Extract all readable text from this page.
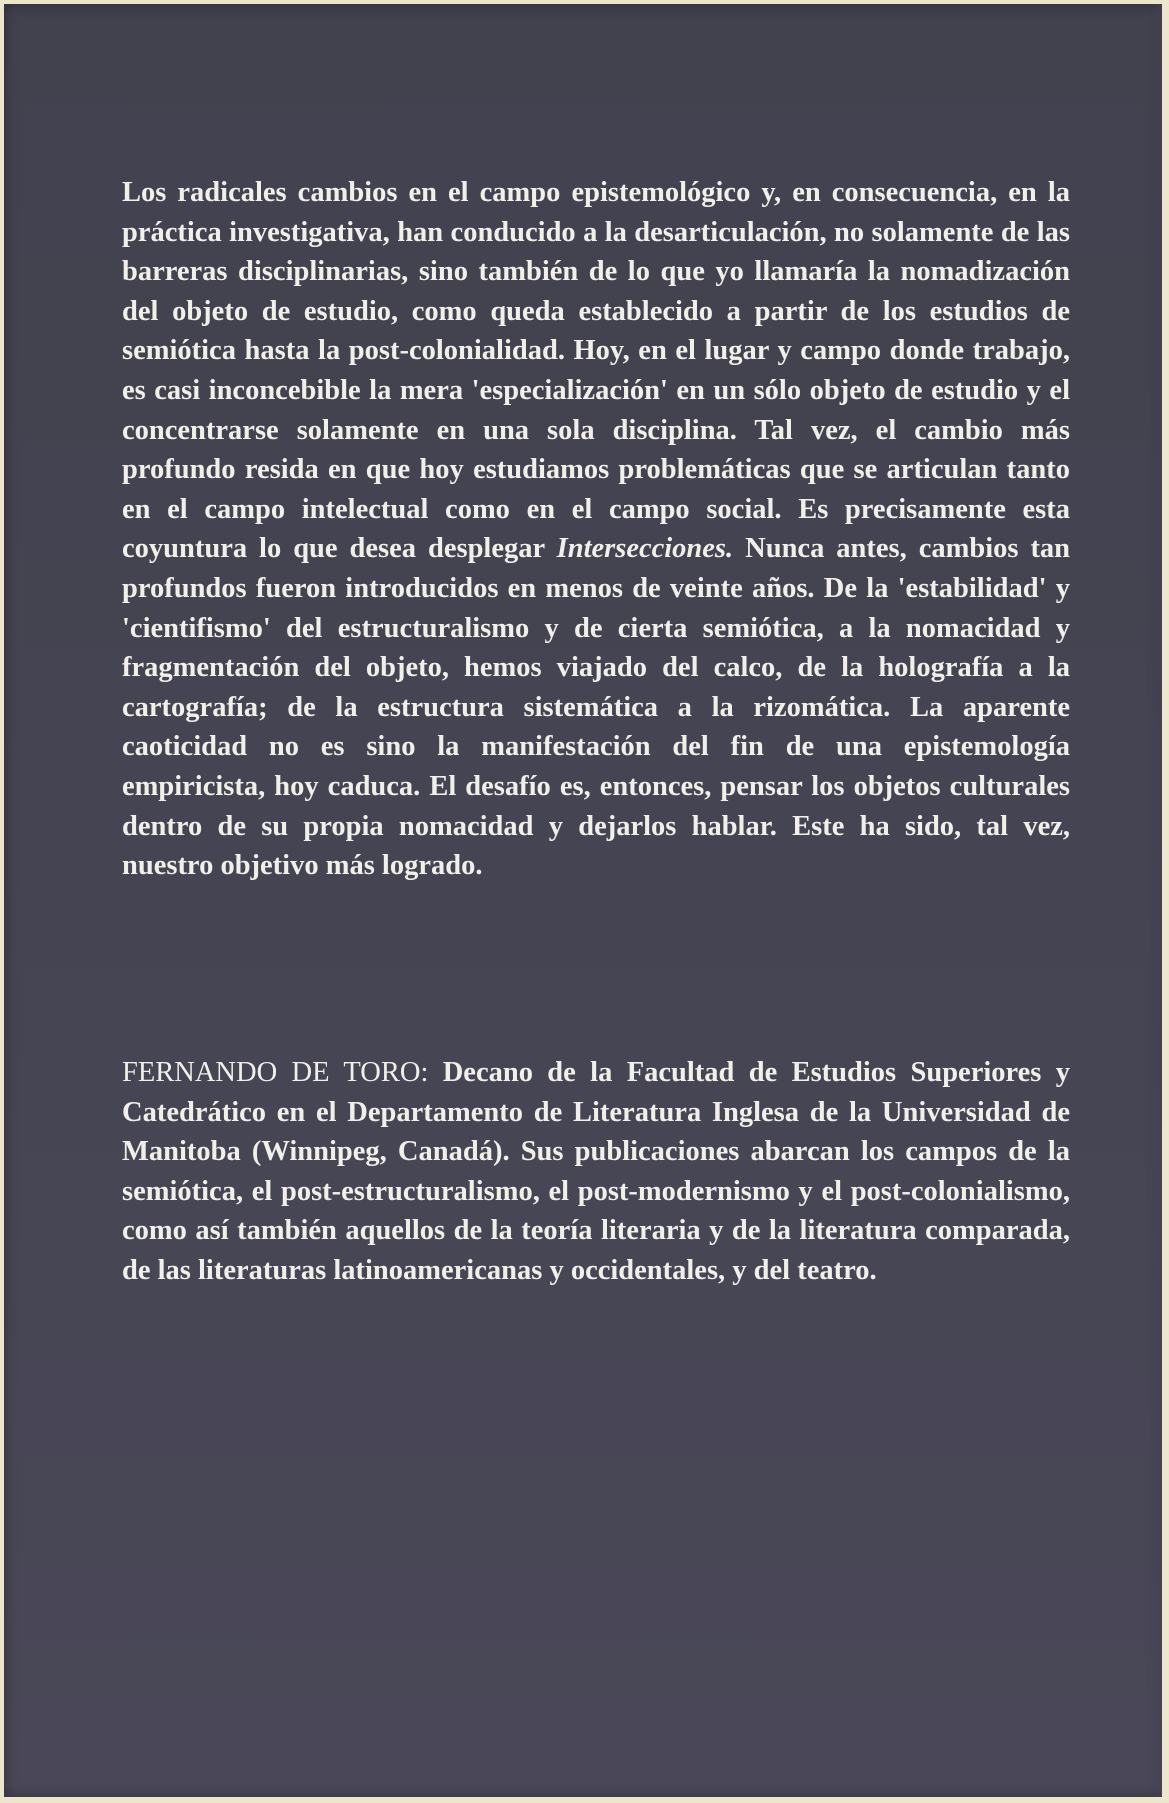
Los radicales cambios en el campo epistemológico y, en consecuencia, en la práctica investigativa, han conducido a la desarticulación, no solamente de las barreras disciplinarias, sino también de lo que yo llamaría la nomadización del objeto de estudio, como queda establecido a partir de los estudios de semiótica hasta la post-colonialidad. Hoy, en el lugar y campo donde trabajo, es casi inconcebible la mera 'especialización' en un sólo objeto de estudio y el concentrarse solamente en una sola disciplina. Tal vez, el cambio más profundo resida en que hoy estudiamos problemáticas que se articulan tanto en el campo intelectual como en el campo social. Es precisamente esta coyuntura lo que desea desplegar Intersecciones. Nunca antes, cambios tan profundos fueron introducidos en menos de veinte años. De la 'estabilidad' y 'cientifismo' del estructuralismo y de cierta semiótica, a la nomacidad y fragmentación del objeto, hemos viajado del calco, de la holografía a la cartografía; de la estructura sistemática a la rizomática. La aparente caoticidad no es sino la manifestación del fin de una epistemología empiricista, hoy caduca. El desafío es, entonces, pensar los objetos culturales dentro de su propia nomacidad y dejarlos hablar. Este ha sido, tal vez, nuestro objetivo más logrado.

FERNANDO DE TORO: Decano de la Facultad de Estudios Superiores y Catedrático en el Departamento de Literatura Inglesa de la Universidad de Manitoba (Winnipeg, Canadá). Sus publicaciones abarcan los campos de la semiótica, el post-estructuralismo, el post-modernismo y el post-colonialismo, como así también aquellos de la teoría literaria y de la literatura comparada, de las literaturas latinoamericanas y occidentales, y del teatro.
